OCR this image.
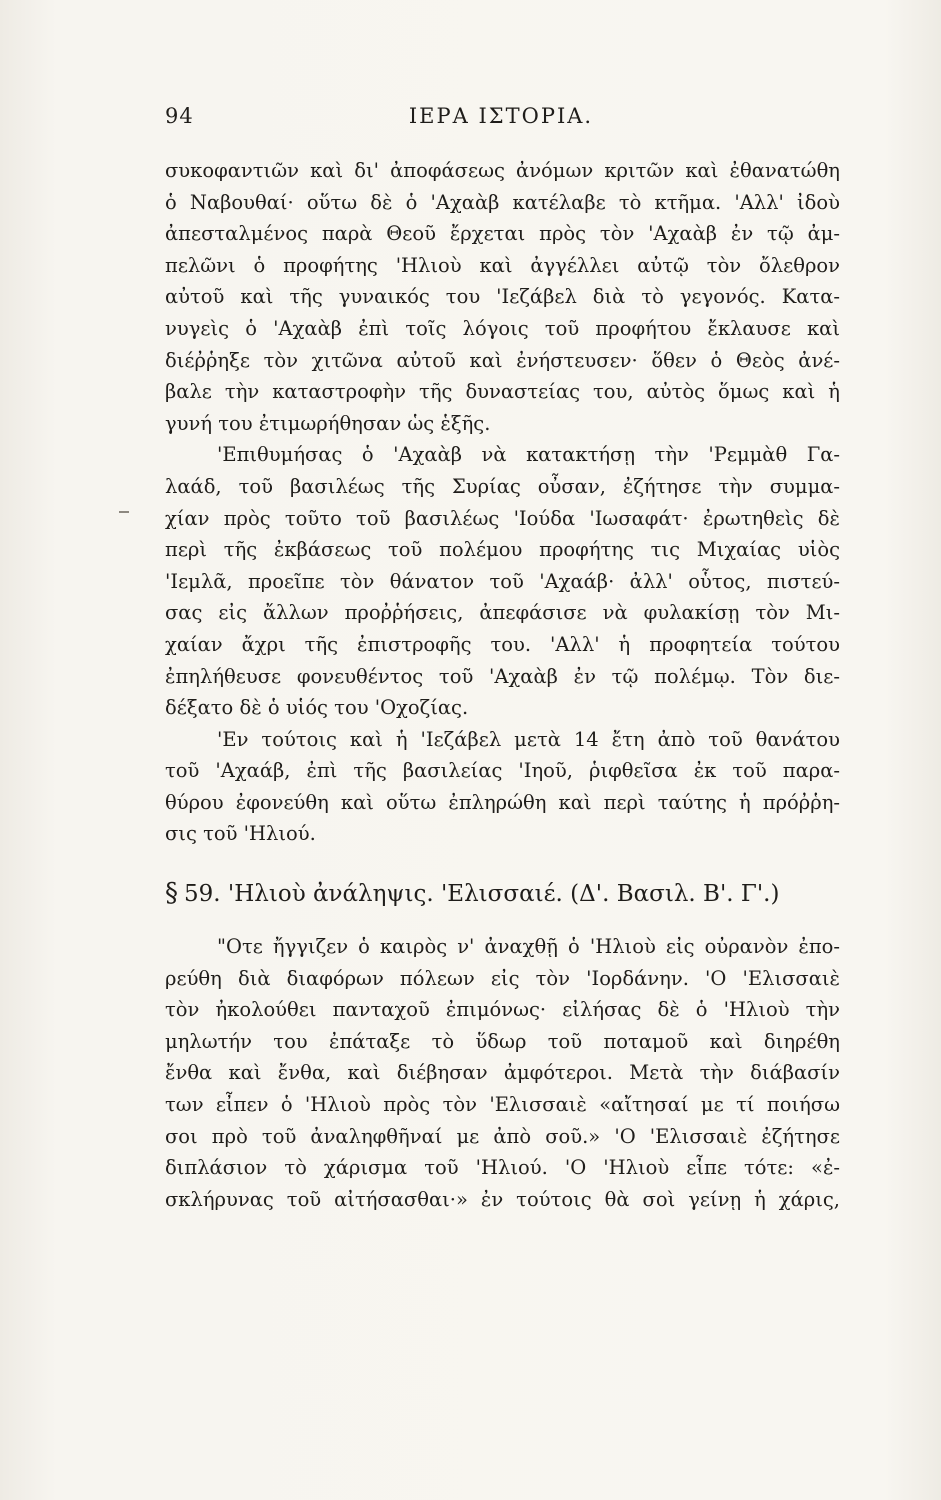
94	ΙΕΡΑ ΙΣΤΟΡΙΑ.

συκοφαντιῶν καὶ δι' ἀποφάσεως ἀνόμων κριτῶν καὶ ἐθανατώθη
ὁ Ναβουθαί· οὕτω δὲ ὁ 'Αχαὰβ κατέλαβε τὸ κτῆμα. 'Αλλ' ἰδοὺ
ἀπεσταλμένος παρὰ Θεοῦ ἔρχεται πρὸς τὸν 'Αχαὰβ ἐν τῷ ἀμ-
πελῶνι ὁ προφήτης 'Ηλιοὺ καὶ ἀγγέλλει αὐτῷ τὸν ὄλεθρον
αὐτοῦ καὶ τῆς γυναικός του 'Ιεζάβελ διὰ τὸ γεγονός. Κατα-
νυγεὶς ὁ 'Αχαὰβ ἐπὶ τοῖς λόγοις τοῦ προφήτου ἔκλαυσε καὶ
διέῤῥηξε τὸν χιτῶνα αὐτοῦ καὶ ἐνήστευσεν· ὅθεν ὁ Θεὸς ἀνέ-
βαλε τὴν καταστροφὴν τῆς δυναστείας του, αὐτὸς ὅμως καὶ ἡ
γυνή του ἐτιμωρήθησαν ὡς ἑξῆς.

'Επιθυμήσας ὁ 'Αχαὰβ νὰ κατακτήσῃ τὴν 'Ρεμμὰθ Γα-
λαάδ, τοῦ βασιλέως τῆς Συρίας οὖσαν, ἐζήτησε τὴν συμμα-
χίαν πρὸς τοῦτο τοῦ βασιλέως 'Ιούδα 'Ιωσαφάτ· ἐρωτηθεὶς δὲ
περὶ τῆς ἐκβάσεως τοῦ πολέμου προφήτης τις Μιχαίας υἱὸς
'Ιεμλᾶ, προεῖπε τὸν θάνατον τοῦ 'Αχαάβ· ἀλλ' οὗτος, πιστεύ-
σας εἰς ἄλλων προῤῥήσεις, ἀπεφάσισε νὰ φυλακίσῃ τὸν Μι-
χαίαν ἄχρι τῆς ἐπιστροφῆς του. 'Αλλ' ἡ προφητεία τούτου
ἐπηλήθευσε φονευθέντος τοῦ 'Αχαὰβ ἐν τῷ πολέμῳ. Τὸν διε-
δέξατο δὲ ὁ υἱός του 'Οχοζίας.

'Εν τούτοις καὶ ἡ 'Ιεζάβελ μετὰ 14 ἔτη ἀπὸ τοῦ θανάτου
τοῦ 'Αχαάβ, ἐπὶ τῆς βασιλείας 'Ιηοῦ, ῥιφθεῖσα ἐκ τοῦ παρα-
θύρου ἐφονεύθη καὶ οὕτω ἐπληρώθη καὶ περὶ ταύτης ἡ πρόῤῥη-
σις τοῦ 'Ηλιού.

§ 59. 'Ηλιοὺ ἀνάληψις. 'Ελισσαιέ. (Δ'. Βασιλ. Β'. Γ'.)

"Οτε ἤγγιζεν ὁ καιρὸς ν' ἀναχθῇ ὁ 'Ηλιοὺ εἰς οὐρανὸν ἐπο-
ρεύθη διὰ διαφόρων πόλεων εἰς τὸν 'Ιορδάνην. 'Ο 'Ελισσαιὲ
τὸν ἠκολούθει πανταχοῦ ἐπιμόνως· εἰλήσας δὲ ὁ 'Ηλιοὺ τὴν
μηλωτήν του ἐπάταξε τὸ ὕδωρ τοῦ ποταμοῦ καὶ διηρέθη
ἔνθα καὶ ἔνθα, καὶ διέβησαν ἀμφότεροι. Μετὰ τὴν διάβασίν
των εἶπεν ὁ 'Ηλιοὺ πρὸς τὸν 'Ελισσαιὲ «αἴτησαί με τί ποιήσω
σοι πρὸ τοῦ ἀναληφθῆναί με ἀπὸ σοῦ.» 'Ο 'Ελισσαιὲ ἐζήτησε
διπλάσιον τὸ χάρισμα τοῦ 'Ηλιού. 'Ο 'Ηλιοὺ εἶπε τότε: «ἐ-
σκλήρυνας τοῦ αἰτήσασθαι·» ἐν τούτοις θὰ σοὶ γείνῃ ἡ χάρις,
